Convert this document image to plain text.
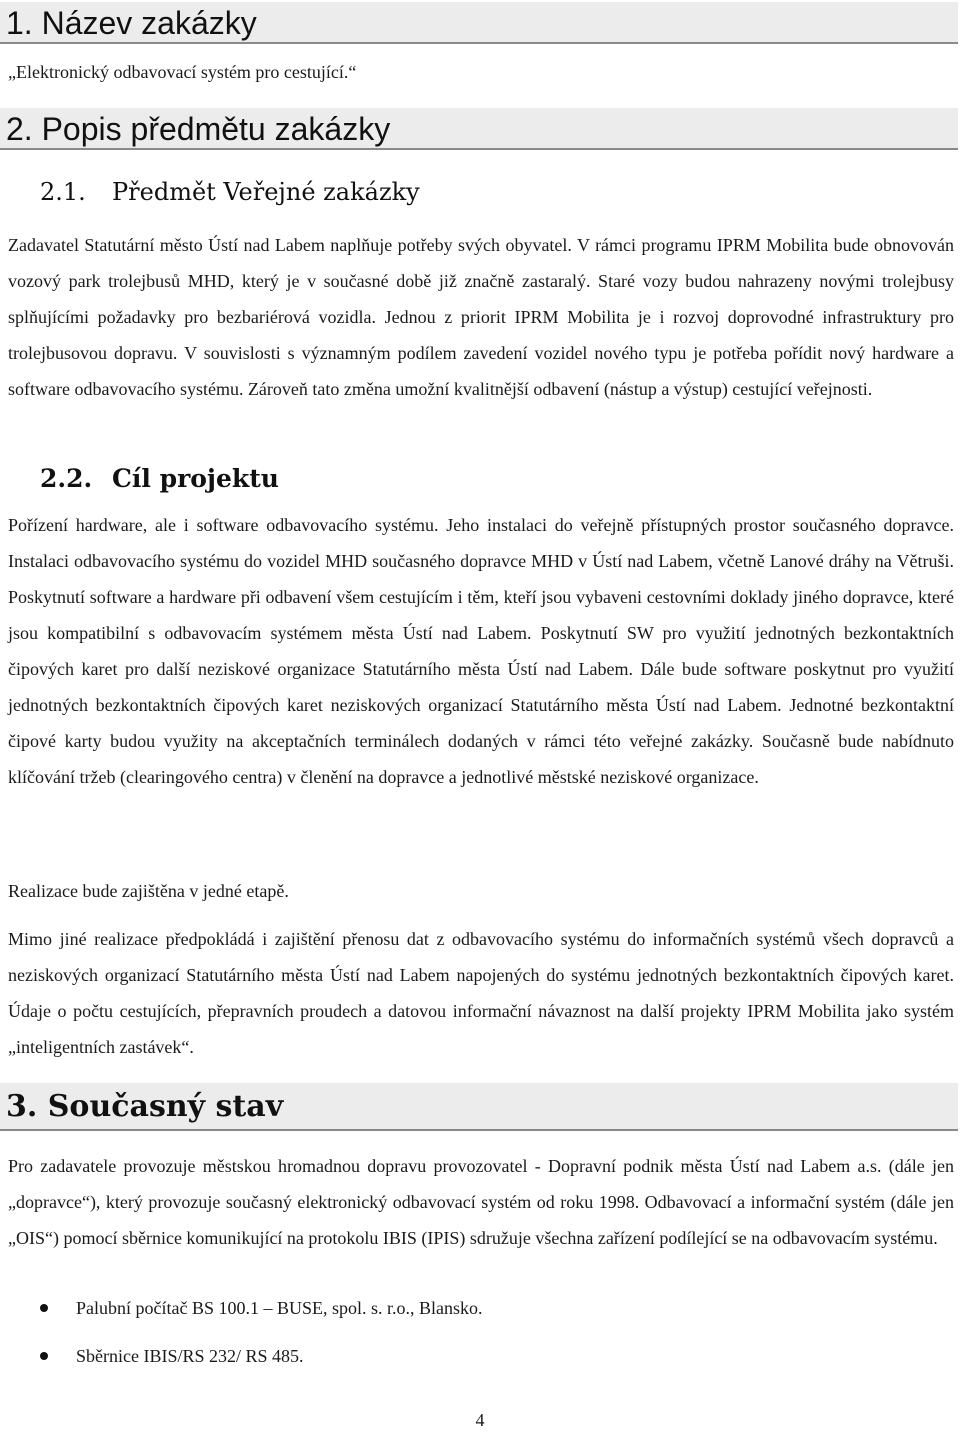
1. Název zakázky
„Elektronický odbavovací systém pro cestující.“
2. Popis předmětu zakázky
2.1. Předmět Veřejné zakázky

Zadavatel Statutární město Ústí nad Labem naplňuje potřeby svých obyvatel. V rámci programu IPRM Mobilita bude obnovován vozový park trolejbusů MHD, který je v současné době již značně zastaralý. Staré vozy budou nahrazeny novými trolejbusy splňujícími požadavky pro bezbariérová vozidla. Jednou z priorit IPRM Mobilita je i rozvoj doprovodné infrastruktury pro trolejbusovou dopravu. V souvislosti s významným podílem zavedení vozidel nového typu je potřeba pořídit nový hardware a software odbavovacího systému. Zároveň tato změna umožní kvalitnější odbavení (nástup a výstup) cestující veřejnosti.

2.2. Cíl projektu

Pořízení hardware, ale i software odbavovacího systému. Jeho instalaci do veřejně přístupných prostor současného dopravce. Instalaci odbavovacího systému do vozidel MHD současného dopravce MHD v Ústí nad Labem, včetně Lanové dráhy na Větruši. Poskytnutí software a hardware při odbavení všem cestujícím i těm, kteří jsou vybaveni cestovními doklady jiného dopravce, které jsou kompatibilní s odbavovacím systémem města Ústí nad Labem. Poskytnutí SW pro využití jednotných bezkontaktních čipových karet pro další neziskové organizace Statutárního města Ústí nad Labem. Dále bude software poskytnut pro využití jednotných bezkontaktních čipových karet neziskových organizací Statutárního města Ústí nad Labem. Jednotné bezkontaktní čipové karty budou využity na akceptačních terminálech dodaných v rámci této veřejné zakázky. Současně bude nabídnuto klíčování tržeb (clearingového centra) v členění na dopravce a jednotlivé městské neziskové organizace.

Realizace bude zajištěna v jedné etapě.

Mimo jiné realizace předpokládá i zajištění přenosu dat z odbavovacího systému do informačních systémů všech dopravců a neziskových organizací Statutárního města Ústí nad Labem napojených do systému jednotných bezkontaktních čipových karet. Údaje o počtu cestujících, přepravních proudech a datovou informační návaznost na další projekty IPRM Mobilita jako systém „inteligentních zastávek“.

3. Současný stav

Pro zadavatele provozuje městskou hromadnou dopravu provozovatel - Dopravní podnik města Ústí nad Labem a.s. (dále jen „dopravce“), který provozuje současný elektronický odbavovací systém od roku 1998. Odbavovací a informační systém (dále jen „OIS“) pomocí sběrnice komunikující na protokolu IBIS (IPIS) sdružuje všechna zařízení podílející se na odbavovacím systému.

Palubní počítač BS 100.1 – BUSE, spol. s. r.o., Blansko.
Sběrnice IBIS/RS 232/ RS 485.
4
